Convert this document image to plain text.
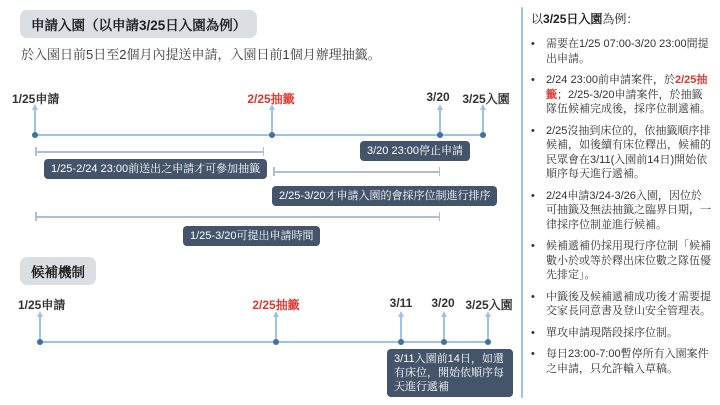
申請入園（以申請3/25日入園為例）
於入園日前5日至2個月內提送申請，入園日前1個月辦理抽籤。
1/25申請	2/25抽籤	3/20 3/25入園
1/25-2/24 23:00前送出之申請才可參加抽籤
3/20 23:00停止申請
2/25-3/20才申請入園的會採序位制進行排序
1/25-3/20可提出申請時間
候補機制
1/25申請	2/25抽籤	3/11 3/20 3/25入園
3/11入園前14日，如還有床位，開始依順序每天進行遞補

以3/25日入園為例：

•	需要在1/25 07:00-3/20 23:00間提出申請。
•	2/24 23:00前申請案件，於2/25抽籤；2/25-3/20申請案件，於抽籤隊伍候補完成後，採序位制遞補。
•	2/25沒抽到床位的，依抽籤順序排候補，如後續有床位釋出，候補的民眾會在3/11(入園前14日)開始依順序每天進行遞補。
•	2/24申請3/24-3/26入園，因位於可抽籤及無法抽籤之臨界日期，一律採序位制並進行候補。
•	候補遞補仍採用現行序位制「候補數小於或等於釋出床位數之隊伍優先排定」。
•	中籤後及候補遞補成功後才需要提交家長同意書及登山安全管理表。
•	單攻申請現階段採序位制。
•	每日23:00-7:00暫停所有入園案件之申請，只允許輸入草稿。
